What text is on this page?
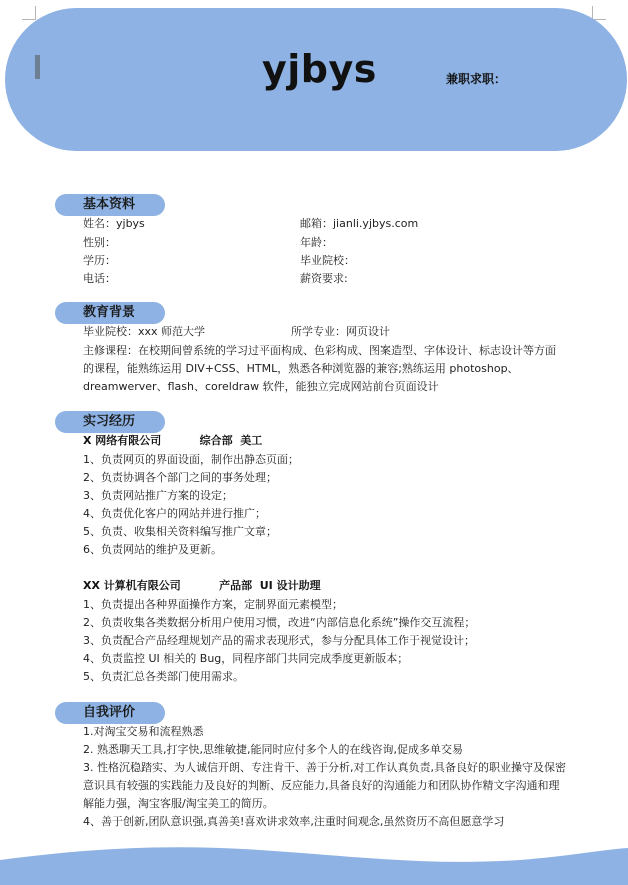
yjbys	兼职求职：
基本资料
姓名：yjbys
性别：
学历：
电话：
邮箱：jianli.yjbys.com
年龄：
毕业院校：
薪资要求:
教育背景
毕业院校：xxx 师范大学	所学专业：网页设计
主修课程：在校期间曾系统的学习过平面构成、色彩构成、图案造型、字体设计、标志设计等方面
的课程，能熟练运用 DIV+CSS、HTML，熟悉各种浏览器的兼容;熟练运用 photoshop、
dreamwerver、flash、coreldraw 软件，能独立完成网站前台页面设计
实习经历
X 网络有限公司          综合部  美工
1、负责网页的界面设面，制作出静态页面；
2、负责协调各个部门之间的事务处理；
3、负责网站推广方案的设定；
4、负责优化客户的网站并进行推广；
5、负责、收集相关资料编写推广文章；
6、负责网站的维护及更新。
XX 计算机有限公司          产品部  UI 设计助理
1、负责提出各种界面操作方案，定制界面元素模型；
2、负责收集各类数据分析用户使用习惯，改进“内部信息化系统”操作交互流程；
3、负责配合产品经理规划产品的需求表现形式，参与分配具体工作于视觉设计；
4、负责监控 UI 相关的 Bug，同程序部门共同完成季度更新版本；
5、负责汇总各类部门使用需求。
自我评价
1.对淘宝交易和流程熟悉
2. 熟悉聊天工具,打字快,思维敏捷,能同时应付多个人的在线咨询,促成多单交易
3. 性格沉稳踏实、为人诚信开朗、专注肯干、善于分析,对工作认真负责,具备良好的职业操守及保密
意识具有较强的实践能力及良好的判断、反应能力,具备良好的沟通能力和团队协作精文字沟通和理
解能力强，淘宝客服/淘宝美工的简历。
4、善于创新,团队意识强,真善美!喜欢讲求效率,注重时间观念,虽然资历不高但愿意学习
